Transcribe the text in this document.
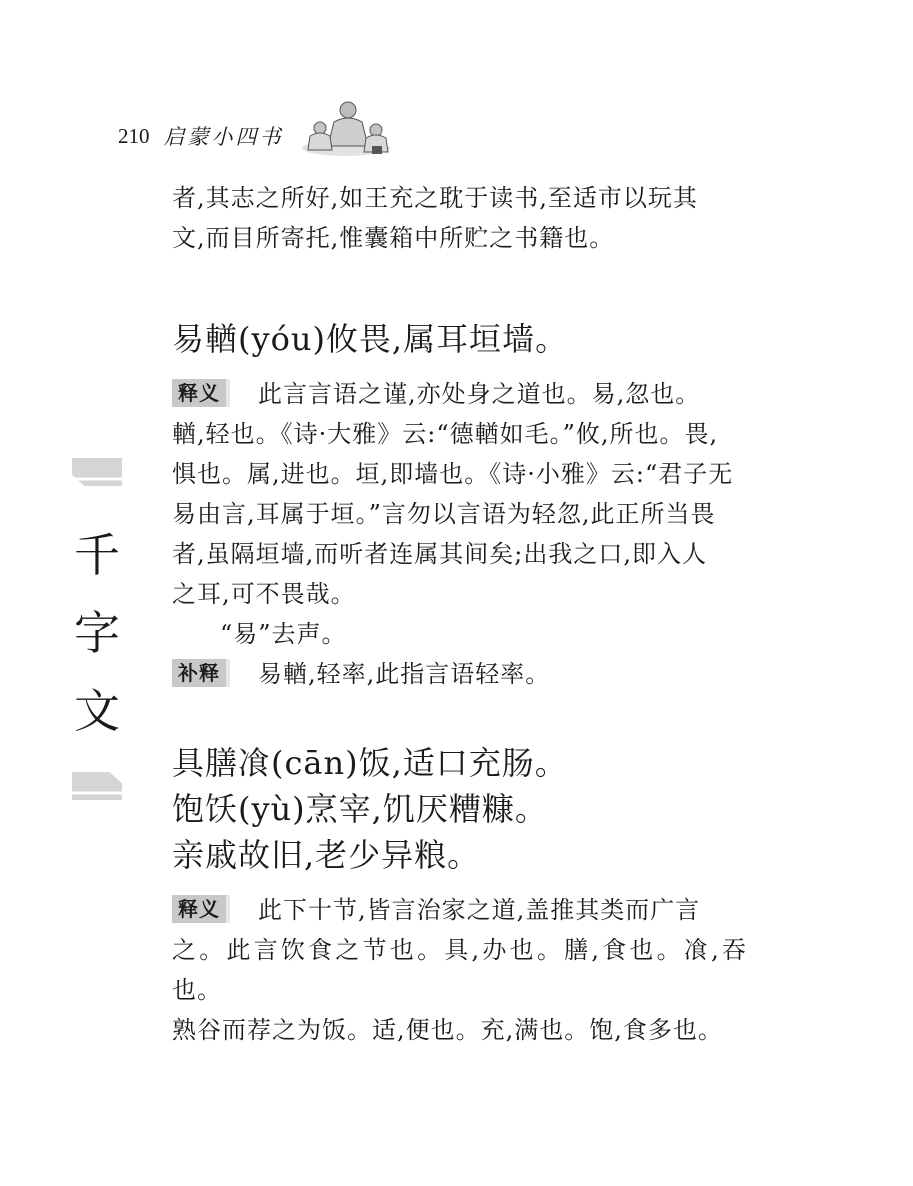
210 启蒙小四书
千
字
文

者,其志之所好,如王充之耽于读书,至适市以玩其

文,而目所寄托,惟囊箱中所贮之书籍也。

易輶(yóu)攸畏,属耳垣墙。

释义 此言言语之谨,亦处身之道也。易,忽也。

輶,轻也。《诗·大雅》云:“德輶如毛。”攸,所也。畏,

惧也。属,进也。垣,即墙也。《诗·小雅》云:“君子无

易由言,耳属于垣。”言勿以言语为轻忽,此正所当畏

者,虽隔垣墙,而听者连属其间矣;出我之口,即入人

之耳,可不畏哉。

“易”去声。

补释 易輶,轻率,此指言语轻率。

具膳飡(cān)饭,适口充肠。

饱饫(yù)烹宰,饥厌糟糠。

亲戚故旧,老少异粮。

释义 此下十节,皆言治家之道,盖推其类而广言

之。此言饮食之节也。具,办也。膳,食也。飡,吞也。

熟谷而荐之为饭。适,便也。充,满也。饱,食多也。
